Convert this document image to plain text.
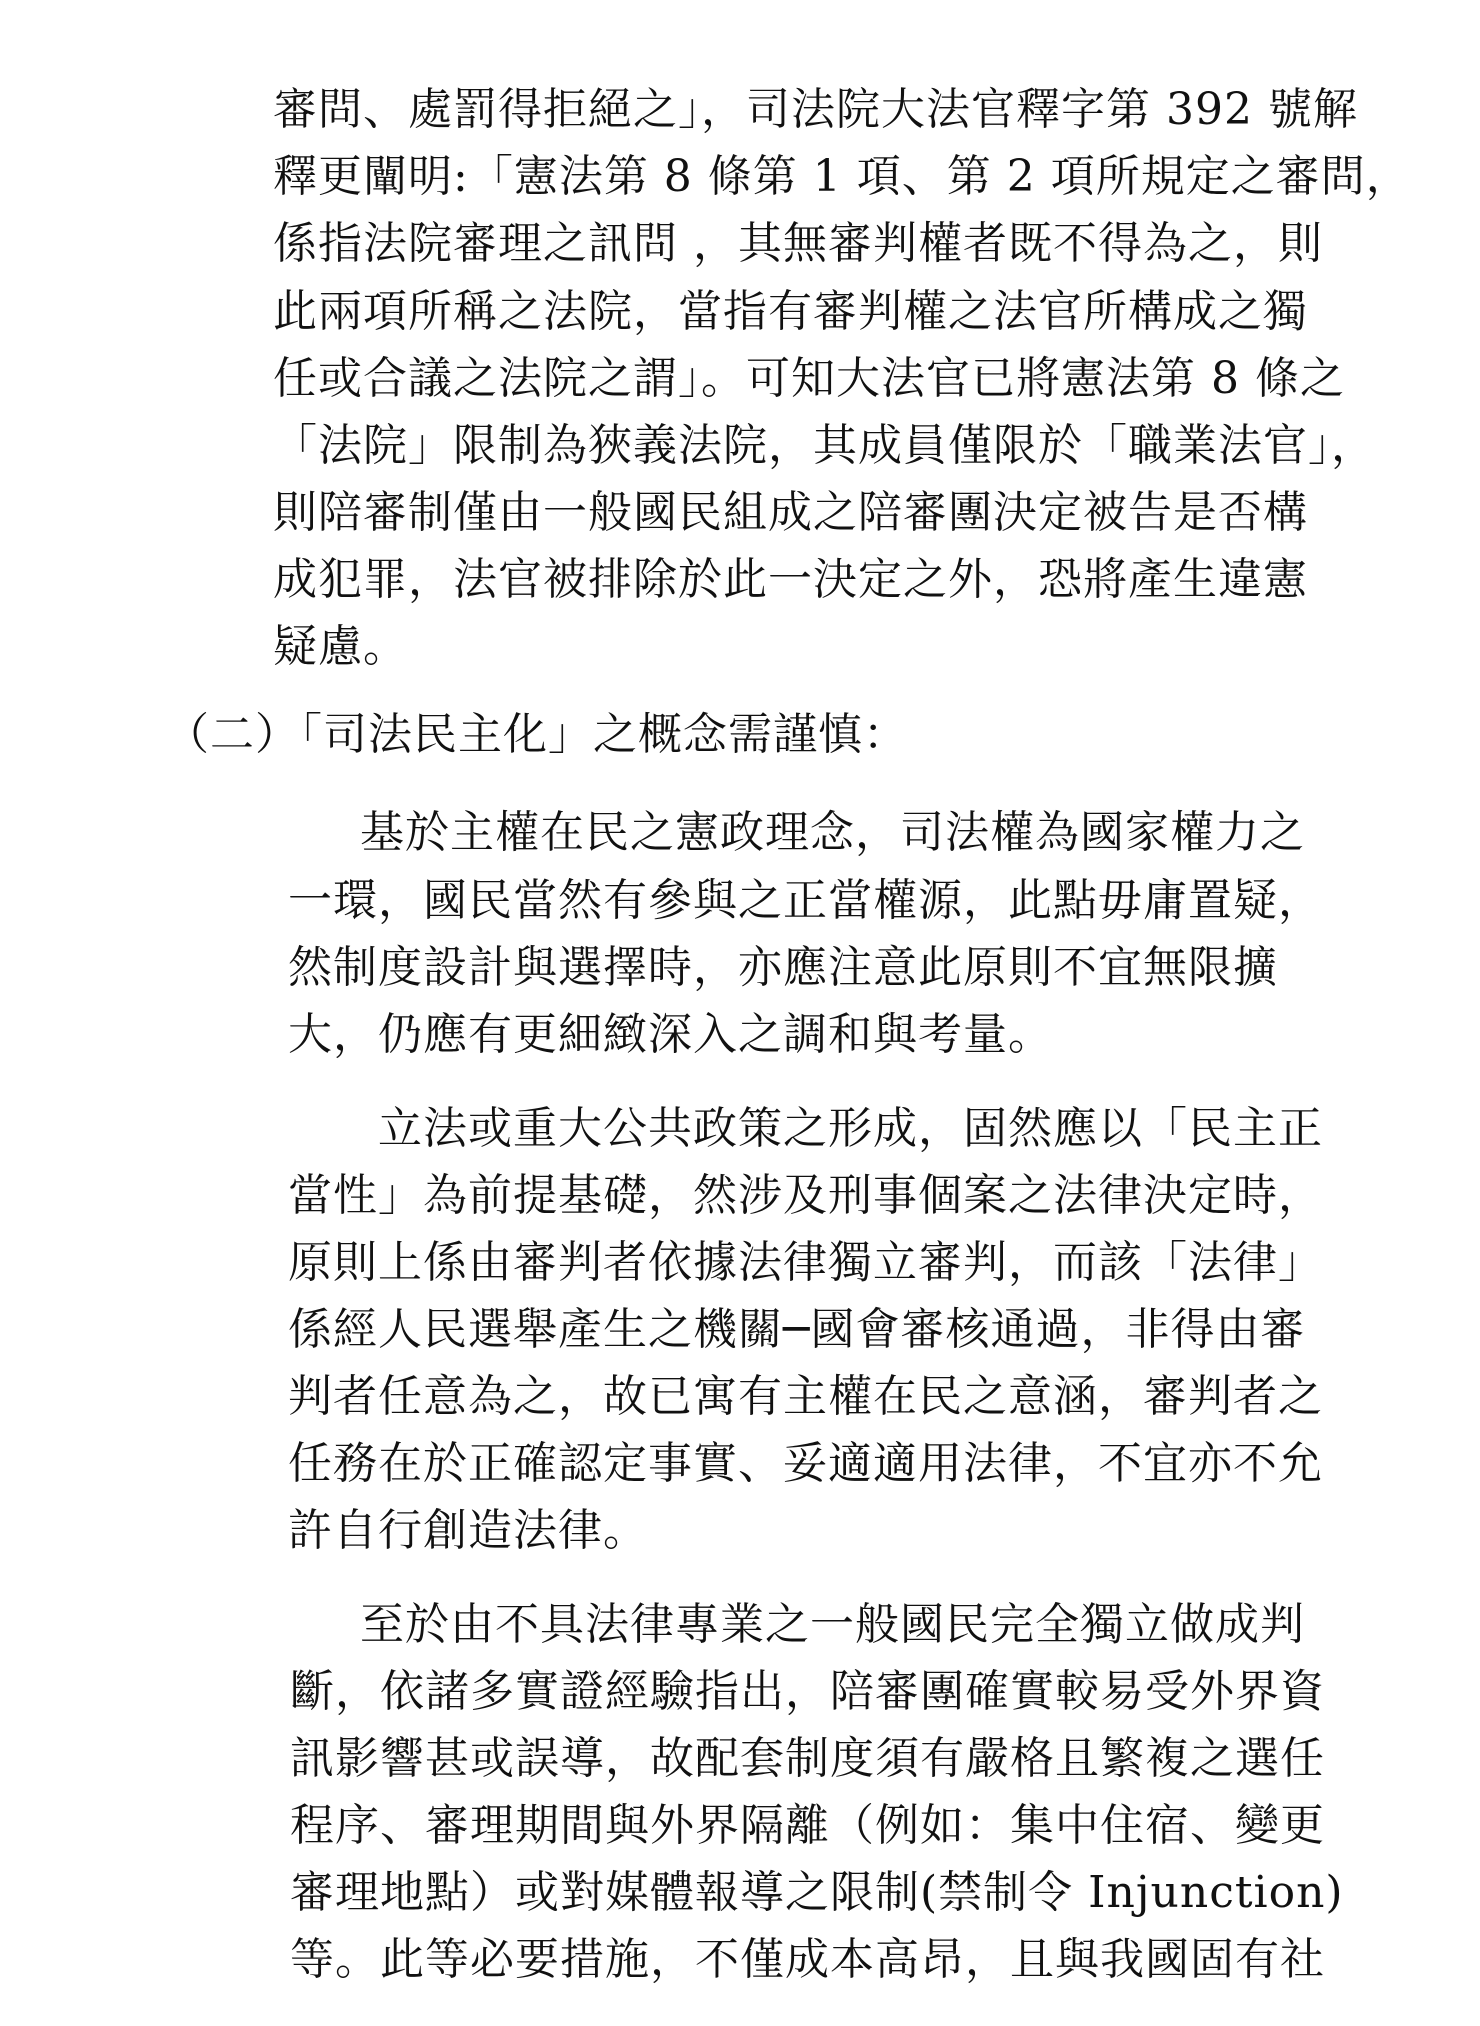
審問、處罰得拒絕之」，司法院大法官釋字第 392 號解
釋更闡明:「憲法第 8 條第 1 項、第 2 項所規定之審問，
係指法院審理之訊問 ，其無審判權者既不得為之，則
此兩項所稱之法院，當指有審判權之法官所構成之獨
任或合議之法院之謂」。可知大法官已將憲法第 8 條之
「法院」限制為狹義法院，其成員僅限於「職業法官」，
則陪審制僅由一般國民組成之陪審團決定被告是否構
成犯罪，法官被排除於此一決定之外，恐將產生違憲
疑慮。
（二）「司法民主化」之概念需謹慎：
基於主權在民之憲政理念，司法權為國家權力之
一環，國民當然有參與之正當權源，此點毋庸置疑，
然制度設計與選擇時，亦應注意此原則不宜無限擴
大，仍應有更細緻深入之調和與考量。
立法或重大公共政策之形成，固然應以「民主正
當性」為前提基礎，然涉及刑事個案之法律決定時，
原則上係由審判者依據法律獨立審判，而該「法律」
係經人民選舉產生之機關─國會審核通過，非得由審
判者任意為之，故已寓有主權在民之意涵，審判者之
任務在於正確認定事實、妥適適用法律，不宜亦不允
許自行創造法律。
至於由不具法律專業之一般國民完全獨立做成判
斷，依諸多實證經驗指出，陪審團確實較易受外界資
訊影響甚或誤導，故配套制度須有嚴格且繁複之選任
程序、審理期間與外界隔離（例如：集中住宿、變更
審理地點）或對媒體報導之限制(禁制令 Injunction)
等。此等必要措施，不僅成本高昂，且與我國固有社
